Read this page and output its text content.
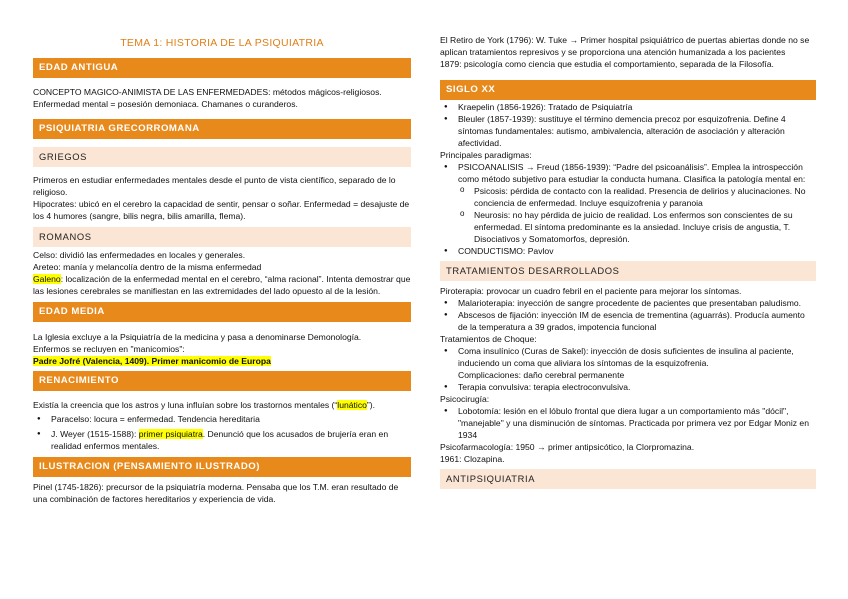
TEMA 1: HISTORIA DE LA PSIQUIATRIA
EDAD ANTIGUA

CONCEPTO MAGICO-ANIMISTA DE LAS ENFERMEDADES: métodos mágicos-religiosos.

Enfermedad mental = posesión demoniaca. Chamanes o curanderos.

PSIQUIATRIA GRECORROMANA
GRIEGOS

Primeros en estudiar enfermedades mentales desde el punto de vista científico, separado de lo religioso.

Hipocrates: ubicó en el cerebro la capacidad de sentir, pensar o soñar. Enfermedad = desajuste de los 4 humores (sangre, bilis negra, bilis amarilla, flema).

ROMANOS

Celso: dividió las enfermedades en locales y generales.

Areteo: manía y melancolía dentro de la misma enfermedad

Galeno: localización de la enfermedad mental en el cerebro, “alma racional”. Intenta demostrar que las lesiones cerebrales se manifiestan en las extremidades del lado opuesto al de la lesión.

EDAD MEDIA

La Iglesia excluye a la Psiquiatría de la medicina y pasa a denominarse Demonología.

Enfermos se recluyen en "manicomios":

Padre Jofré (Valencia, 1409). Primer manicomio de Europa

RENACIMIENTO

Existía la creencia que los astros y luna influían sobre los trastornos mentales (“lunático”).

● Paracelso: locura = enfermedad. Tendencia hereditaria
● J. Weyer (1515-1588): primer psiquiatra. Denunció que los acusados de brujería eran en realidad enfermos mentales.
ILUSTRACION (PENSAMIENTO ILUSTRADO)

Pinel (1745-1826): precursor de la psiquiatría moderna. Pensaba que los T.M. eran resultado de una combinación de factores hereditarios y experiencia de vida.

El Retiro de York (1796): W. Tuke → Primer hospital psiquiátrico de puertas abiertas donde no se aplican tratamientos represivos y se proporciona una atención humanizada a los pacientes

1879: psicología como ciencia que estudia el comportamiento, separada de la Filosofía.

SIGLO XX
● Kraepelin (1856-1926): Tratado de Psiquiatría
● Bleuler (1857-1939): sustituye el término demencia precoz por esquizofrenia. Define 4 síntomas fundamentales: autismo, ambivalencia, alteración de asociación y alteración afectividad.

Principales paradigmas:

● PSICOANALISIS → Freud (1856-1939): “Padre del psicoanálisis”. Emplea la introspección como método subjetivo para estudiar la conducta humana. Clasifica la patología mental en:
o Psicosis: pérdida de contacto con la realidad. Presencia de delirios y alucinaciones. No conciencia de enfermedad. Incluye esquizofrenia y paranoia
o Neurosis: no hay pérdida de juicio de realidad. Los enfermos son conscientes de su enfermedad. El síntoma predominante es la ansiedad. Incluye crisis de angustia, T. Disociativos y Somatomorfos, depresión.
● CONDUCTISMO: Pavlov
TRATAMIENTOS DESARROLLADOS

Piroterapia: provocar un cuadro febril en el paciente para mejorar los síntomas.

● Malarioterapia: inyección de sangre procedente de pacientes que presentaban paludismo.
● Abscesos de fijación: inyección IM de esencia de trementina (aguarrás). Producía aumento de la temperatura a 39 grados, impotencia funcional

Tratamientos de Choque:

● Coma insulínico (Curas de Sakel): inyección de dosis suficientes de insulina al paciente, induciendo un coma que aliviara los síntomas de la esquizofrenia.
Complicaciones: daño cerebral permanente
● Terapia convulsiva: terapia electroconvulsiva.

Psicocirugía:

● Lobotomía: lesión en el lóbulo frontal que diera lugar a un comportamiento más "dócil", "manejable" y una disminución de síntomas. Practicada por primera vez por Edgar Moniz en 1934

Psicofarmacología: 1950 → primer antipsicótico, la Clorpromazina.

1961: Clozapina.

ANTIPSIQUIATRIA
